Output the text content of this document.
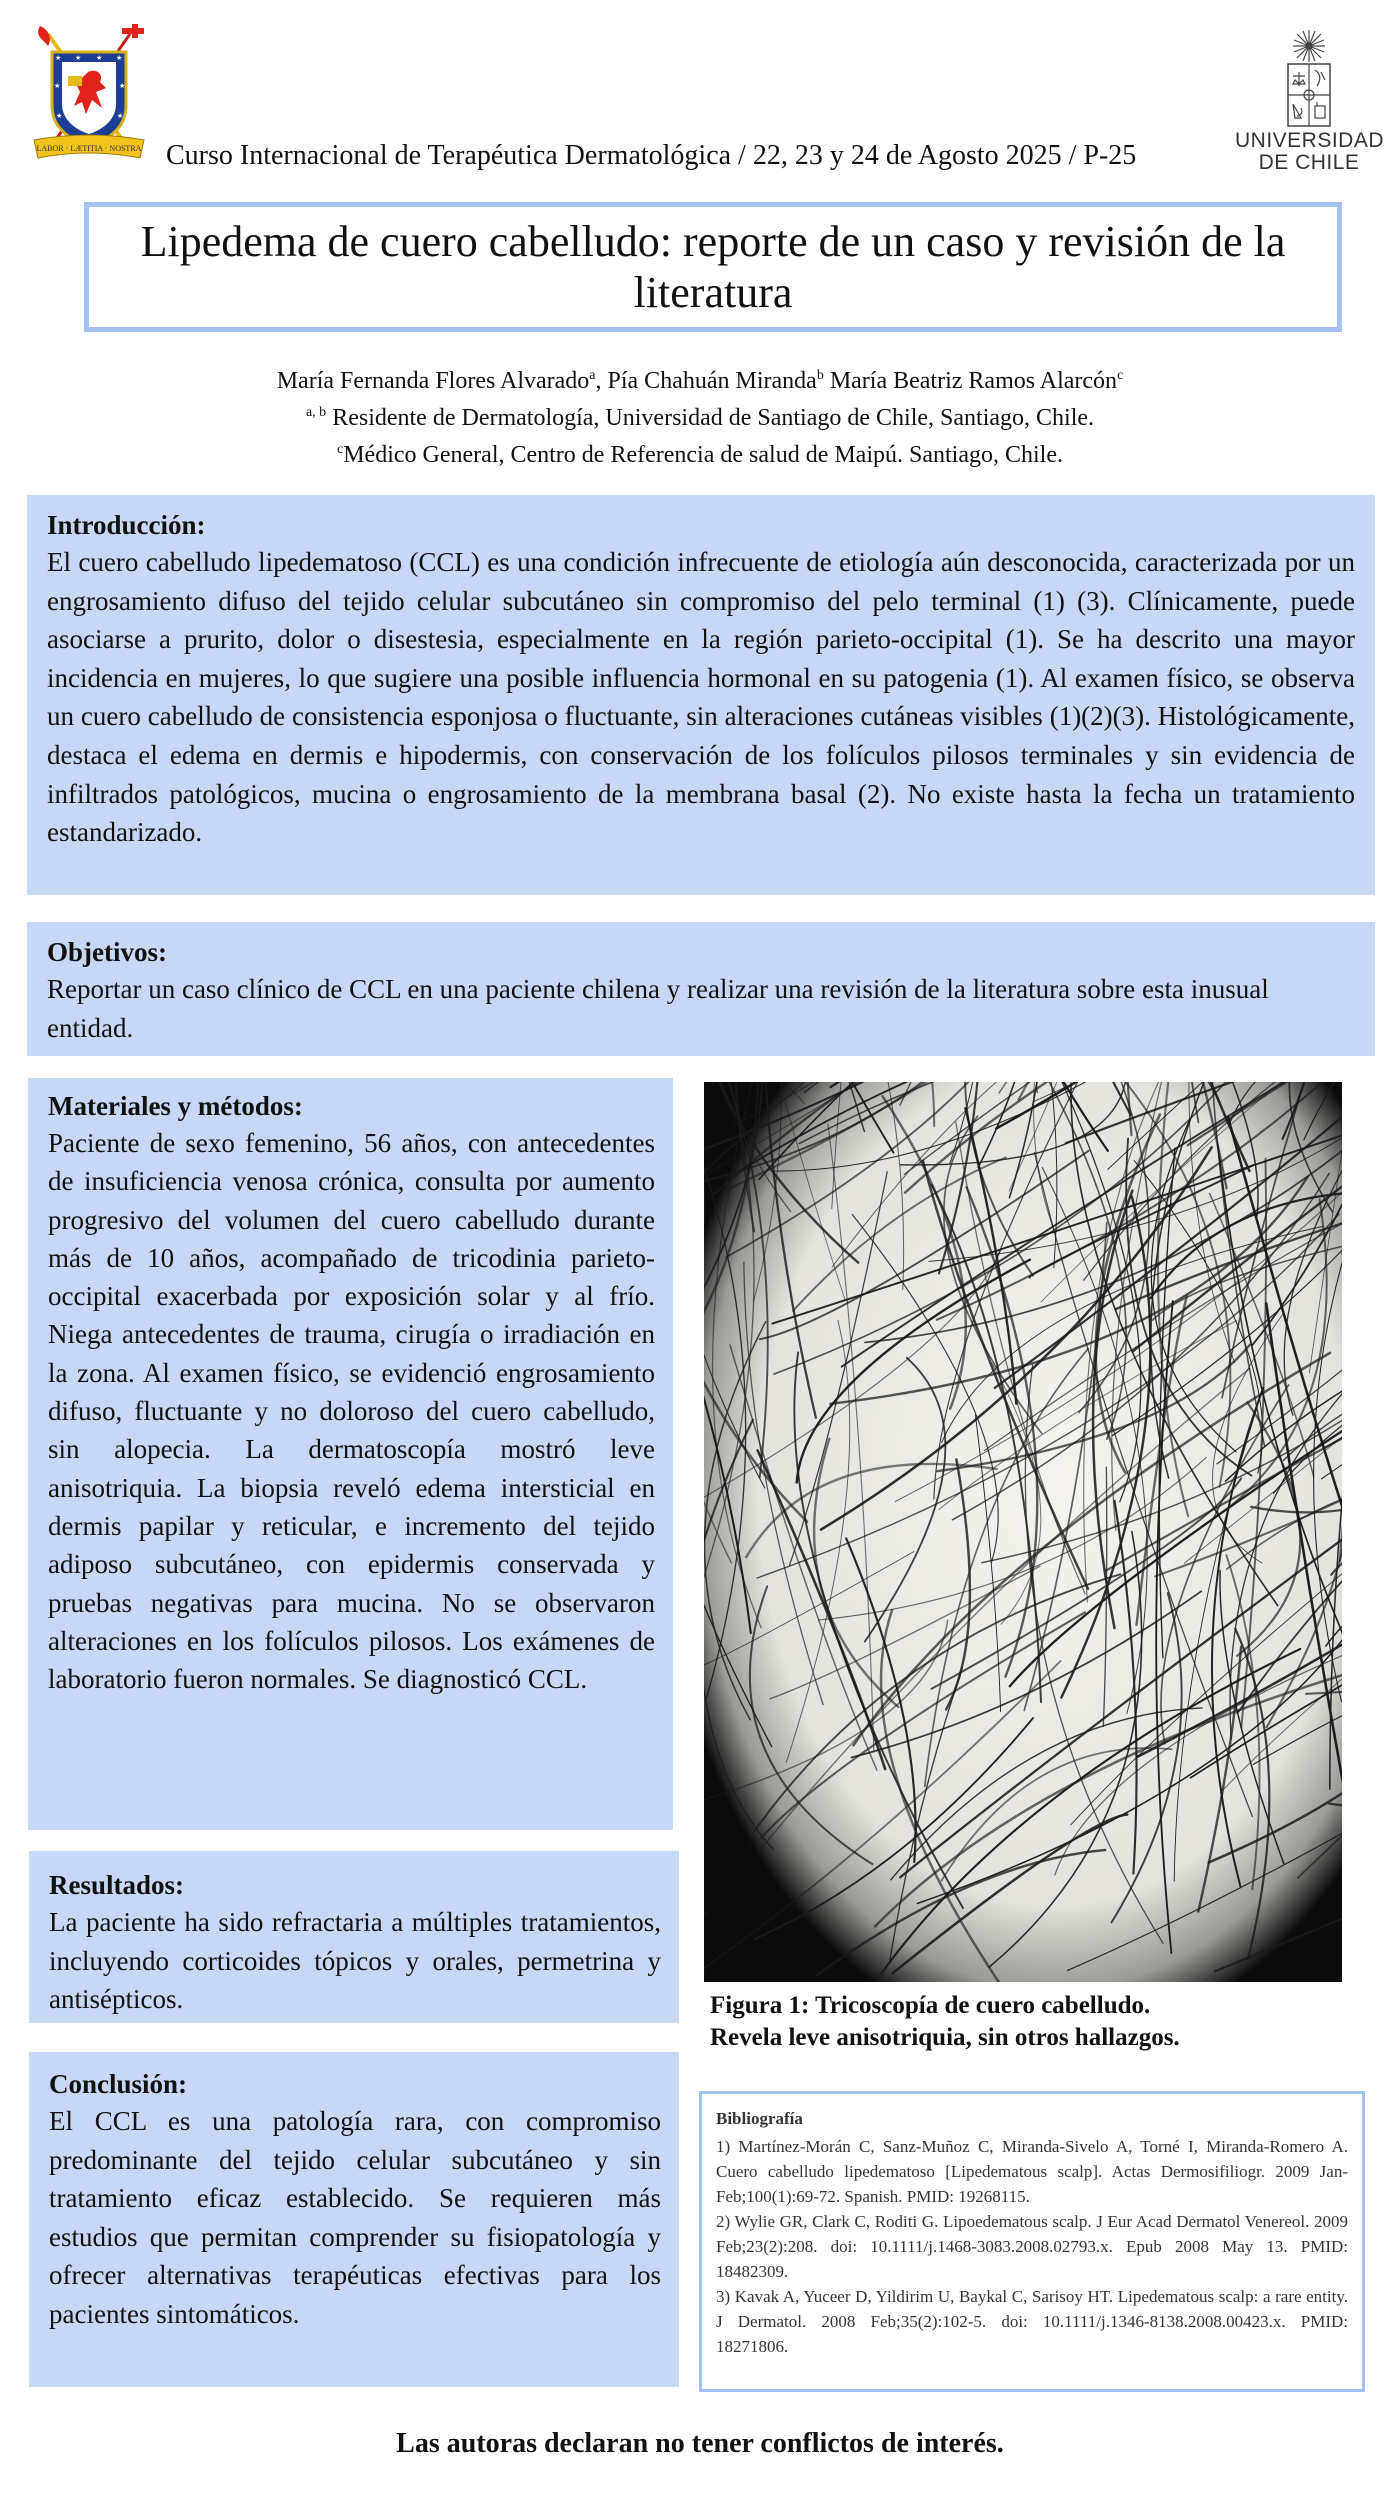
★ ★ ★ ★
★	★
★	★
LABOR · LÆTITIA · NOSTRA Curso Internacional de Terapéutica Dermatológica / 22, 23 y 24 de Agosto 2025 / P-25	UNIVERSIDAD
DE CHILE
Lipedema de cuero cabelludo: reporte de un caso y revisión de la literatura
María Fernanda Flores Alvarado$^a$, Pía Chahuán Miranda$^b$ María Beatriz Ramos Alarcón$^c$
$^{a, b}$ Residente de Dermatología, Universidad de Santiago de Chile, Santiago, Chile.
$^c$Médico General, Centro de Referencia de salud de Maipú. Santiago, Chile.
Introducción:

El cuero cabelludo lipedematoso (CCL) es una condición infrecuente de etiología aún desconocida, caracterizada por un engrosamiento difuso del tejido celular subcutáneo sin compromiso del pelo terminal (1) (3). Clínicamente, puede asociarse a prurito, dolor o disestesia, especialmente en la región parieto-occipital (1). Se ha descrito una mayor incidencia en mujeres, lo que sugiere una posible influencia hormonal en su patogenia (1). Al examen físico, se observa un cuero cabelludo de consistencia esponjosa o fluctuante, sin alteraciones cutáneas visibles (1)(2)(3). Histológicamente, destaca el edema en dermis e hipodermis, con conservación de los folículos pilosos terminales y sin evidencia de infiltrados patológicos, mucina o engrosamiento de la membrana basal (2). No existe hasta la fecha un tratamiento estandarizado.

Objetivos:

Reportar un caso clínico de CCL en una paciente chilena y realizar una revisión de la literatura sobre esta inusual entidad.

Materiales y métodos:

Paciente de sexo femenino, 56 años, con antecedentes de insuficiencia venosa crónica, consulta por aumento progresivo del volumen del cuero cabelludo durante más de 10 años, acompañado de tricodinia parieto-occipital exacerbada por exposición solar y al frío. Niega antecedentes de trauma, cirugía o irradiación en la zona. Al examen físico, se evidenció engrosamiento difuso, fluctuante y no doloroso del cuero cabelludo, sin alopecia. La dermatoscopía mostró leve anisotriquia. La biopsia reveló edema intersticial en dermis papilar y reticular, e incremento del tejido adiposo subcutáneo, con epidermis conservada y pruebas negativas para mucina. No se observaron alteraciones en los folículos pilosos. Los exámenes de laboratorio fueron normales. Se diagnosticó CCL.

Resultados:

La paciente ha sido refractaria a múltiples tratamientos, incluyendo corticoides tópicos y orales, permetrina y antisépticos.

Conclusión:

El CCL es una patología rara, con compromiso predominante del tejido celular subcutáneo y sin tratamiento eficaz establecido. Se requieren más estudios que permitan comprender su fisiopatología y ofrecer alternativas terapéuticas efectivas para los pacientes sintomáticos.

Figura 1: Tricoscopía de cuero cabelludo.
Revela leve anisotriquia, sin otros hallazgos.
Bibliografía

1) Martínez-Morán C, Sanz-Muñoz C, Miranda-Sivelo A, Torné I, Miranda-Romero A. Cuero cabelludo lipedematoso [Lipedematous scalp]. Actas Dermosifiliogr. 2009 Jan-Feb;100(1):69-72. Spanish. PMID: 19268115.

2) Wylie GR, Clark C, Roditi G. Lipoedematous scalp. J Eur Acad Dermatol Venereol. 2009 Feb;23(2):208. doi: 10.1111/j.1468-3083.2008.02793.x. Epub 2008 May 13. PMID: 18482309.

3) Kavak A, Yuceer D, Yildirim U, Baykal C, Sarisoy HT. Lipedematous scalp: a rare entity. J Dermatol. 2008 Feb;35(2):102-5. doi: 10.1111/j.1346-8138.2008.00423.x. PMID: 18271806.

Las autoras declaran no tener conflictos de interés.
